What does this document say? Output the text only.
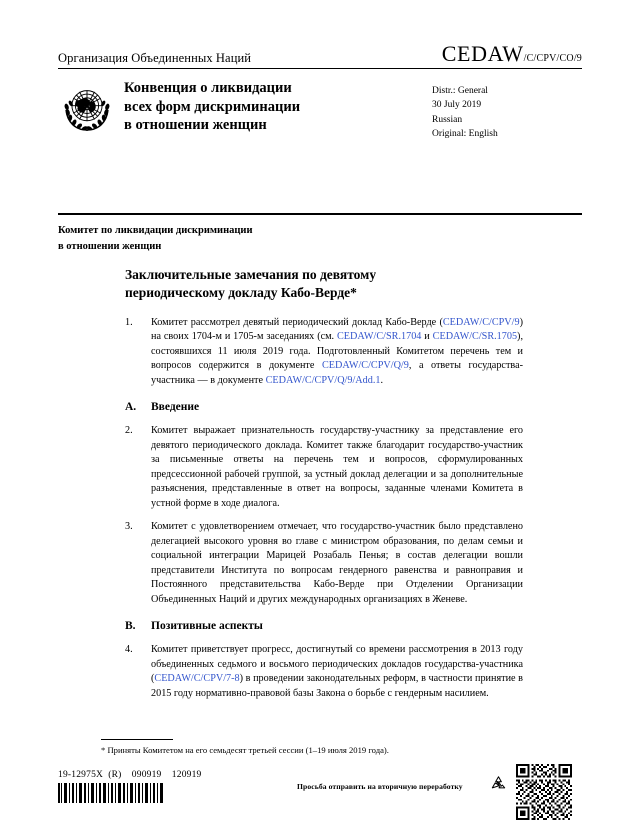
Организация Объединенных Наций	CEDAW/C/CPV/CO/9
Конвенция о ликвидации
всех форм дискриминации
в отношении женщин
Distr.: General
30 July 2019
Russian
Original: English
Комитет по ликвидации дискриминации
в отношении женщин
Заключительные замечания по девятому
периодическому докладу Кабо-Верде*

1. Комитет рассмотрел девятый периодический доклад Кабо-Верде (CEDAW/C/CPV/9) на своих 1704-м и 1705-м заседаниях (см. CEDAW/C/SR.1704 и CEDAW/C/SR.1705), состоявшихся 11 июля 2019 года. Подготовленный Комитетом перечень тем и вопросов содержится в документе CEDAW/C/CPV/Q/9, а ответы государства-участника — в документе CEDAW/C/CPV/Q/9/Add.1.

A. Введение

2. Комитет выражает признательность государству-участнику за представление его девятого периодического доклада. Комитет также благодарит государство-участник за письменные ответы на перечень тем и вопросов, сформулированных предсессионной рабочей группой, за устный доклад делегации и за дополнительные разъяснения, представленные в ответ на вопросы, заданные членами Комитета в устной форме в ходе диалога.

3. Комитет с удовлетворением отмечает, что государство-участник было представлено делегацией высокого уровня во главе с министром образования, по делам семьи и социальной интеграции Марицей Розабаль Пенья; в состав делегации вошли представители Института по вопросам гендерного равенства и равноправия и Постоянного представительства Кабо-Верде при Отделении Организации Объединенных Наций и других международных организациях в Женеве.

B. Позитивные аспекты

4. Комитет приветствует прогресс, достигнутый со времени рассмотрения в 2013 году объединенных седьмого и восьмого периодических докладов государства-участника (CEDAW/C/CPV/7-8) в проведении законодательных реформ, в частности принятие в 2015 году нормативно-правовой базы Закона о борьбе с гендерным насилием.

* Приняты Комитетом на его семьдесят третьей сессии (1–19 июля 2019 года).
19-12975X  (R)    090919    120919
Просьба отправить на вторичную переработку
